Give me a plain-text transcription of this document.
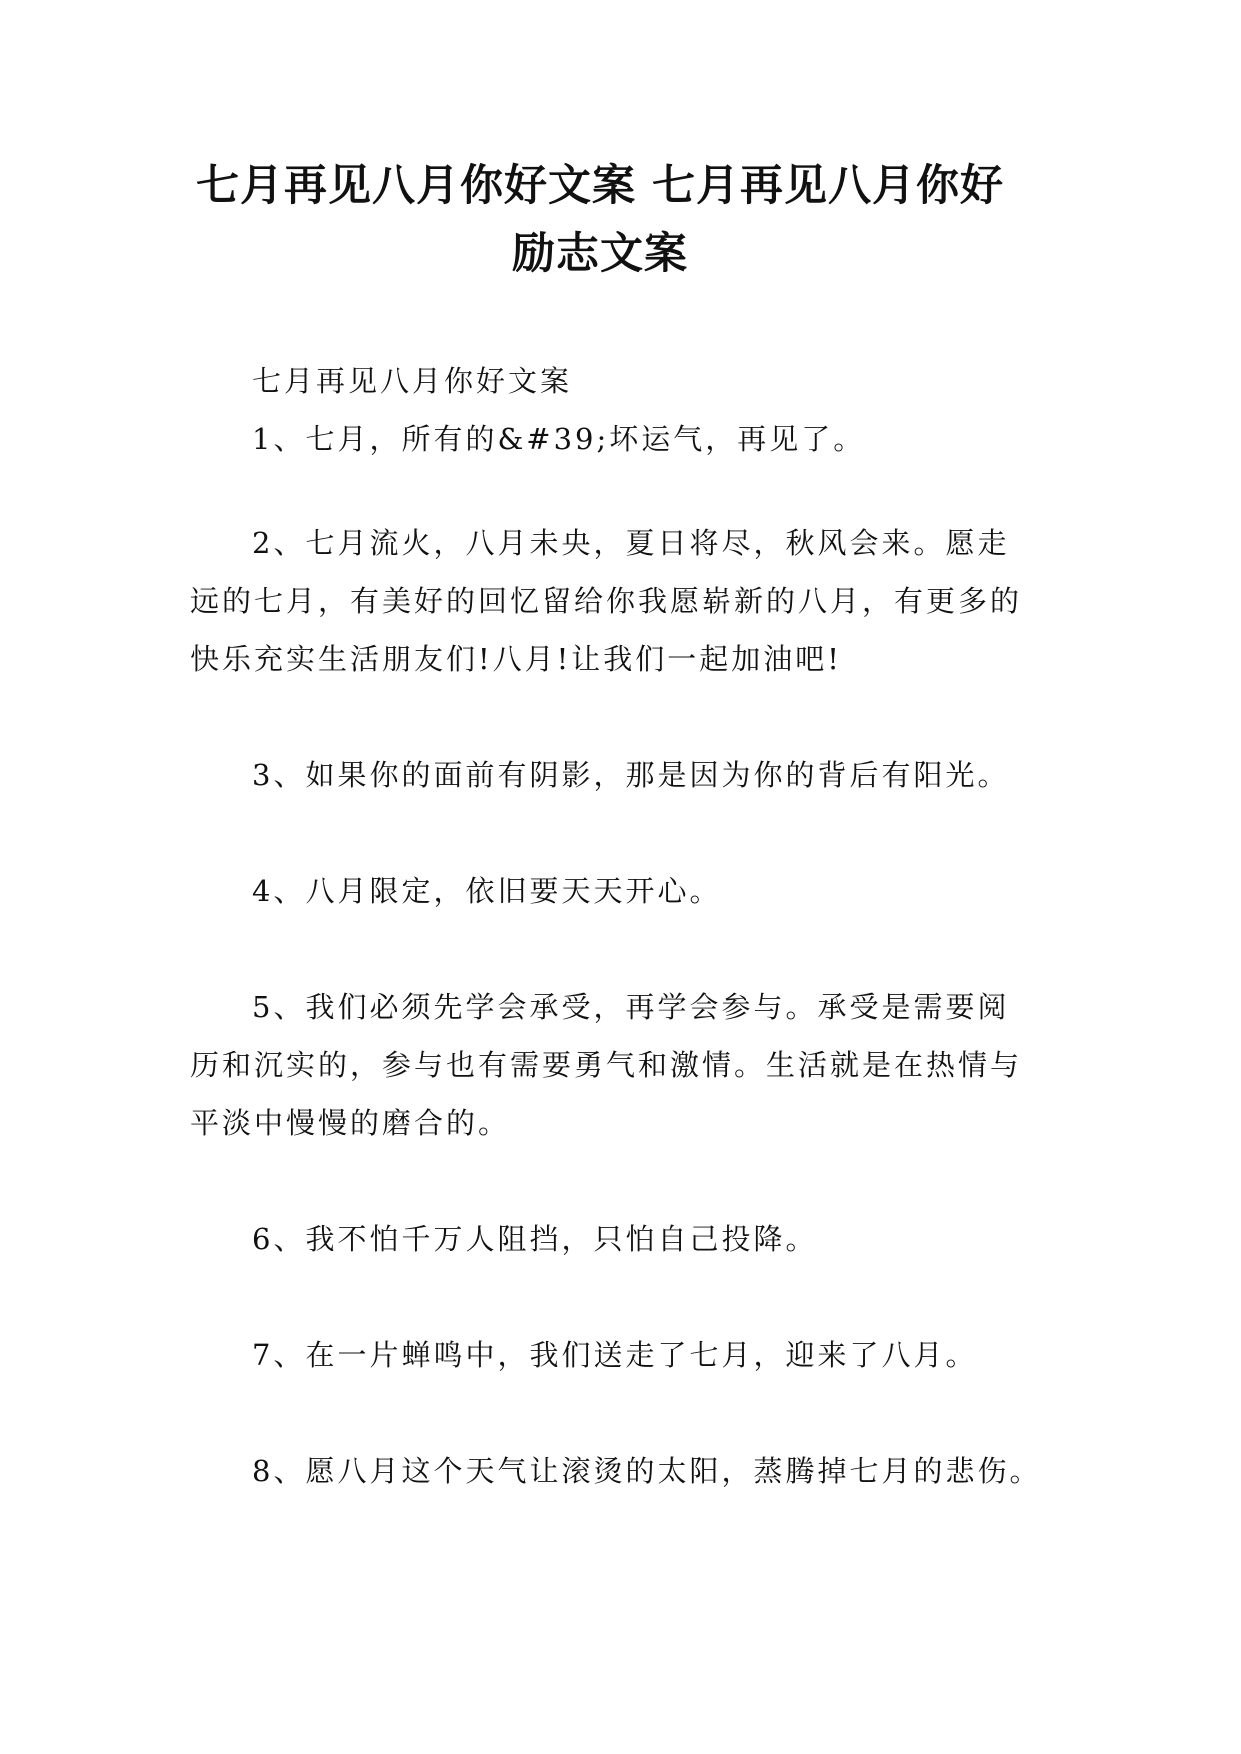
七月再见八月你好文案 七月再见八月你好
励志文案

七月再见八月你好文案

1、七月，所有的&#39;坏运气，再见了。

2、七月流火，八月未央，夏日将尽，秋风会来。愿走
远的七月，有美好的回忆留给你我愿崭新的八月，有更多的
快乐充实生活朋友们!八月!让我们一起加油吧!

3、如果你的面前有阴影，那是因为你的背后有阳光。

4、八月限定，依旧要天天开心。

5、我们必须先学会承受，再学会参与。承受是需要阅
历和沉实的，参与也有需要勇气和激情。生活就是在热情与
平淡中慢慢的磨合的。

6、我不怕千万人阻挡，只怕自己投降。

7、在一片蝉鸣中，我们送走了七月，迎来了八月。

8、愿八月这个天气让滚烫的太阳，蒸腾掉七月的悲伤。
